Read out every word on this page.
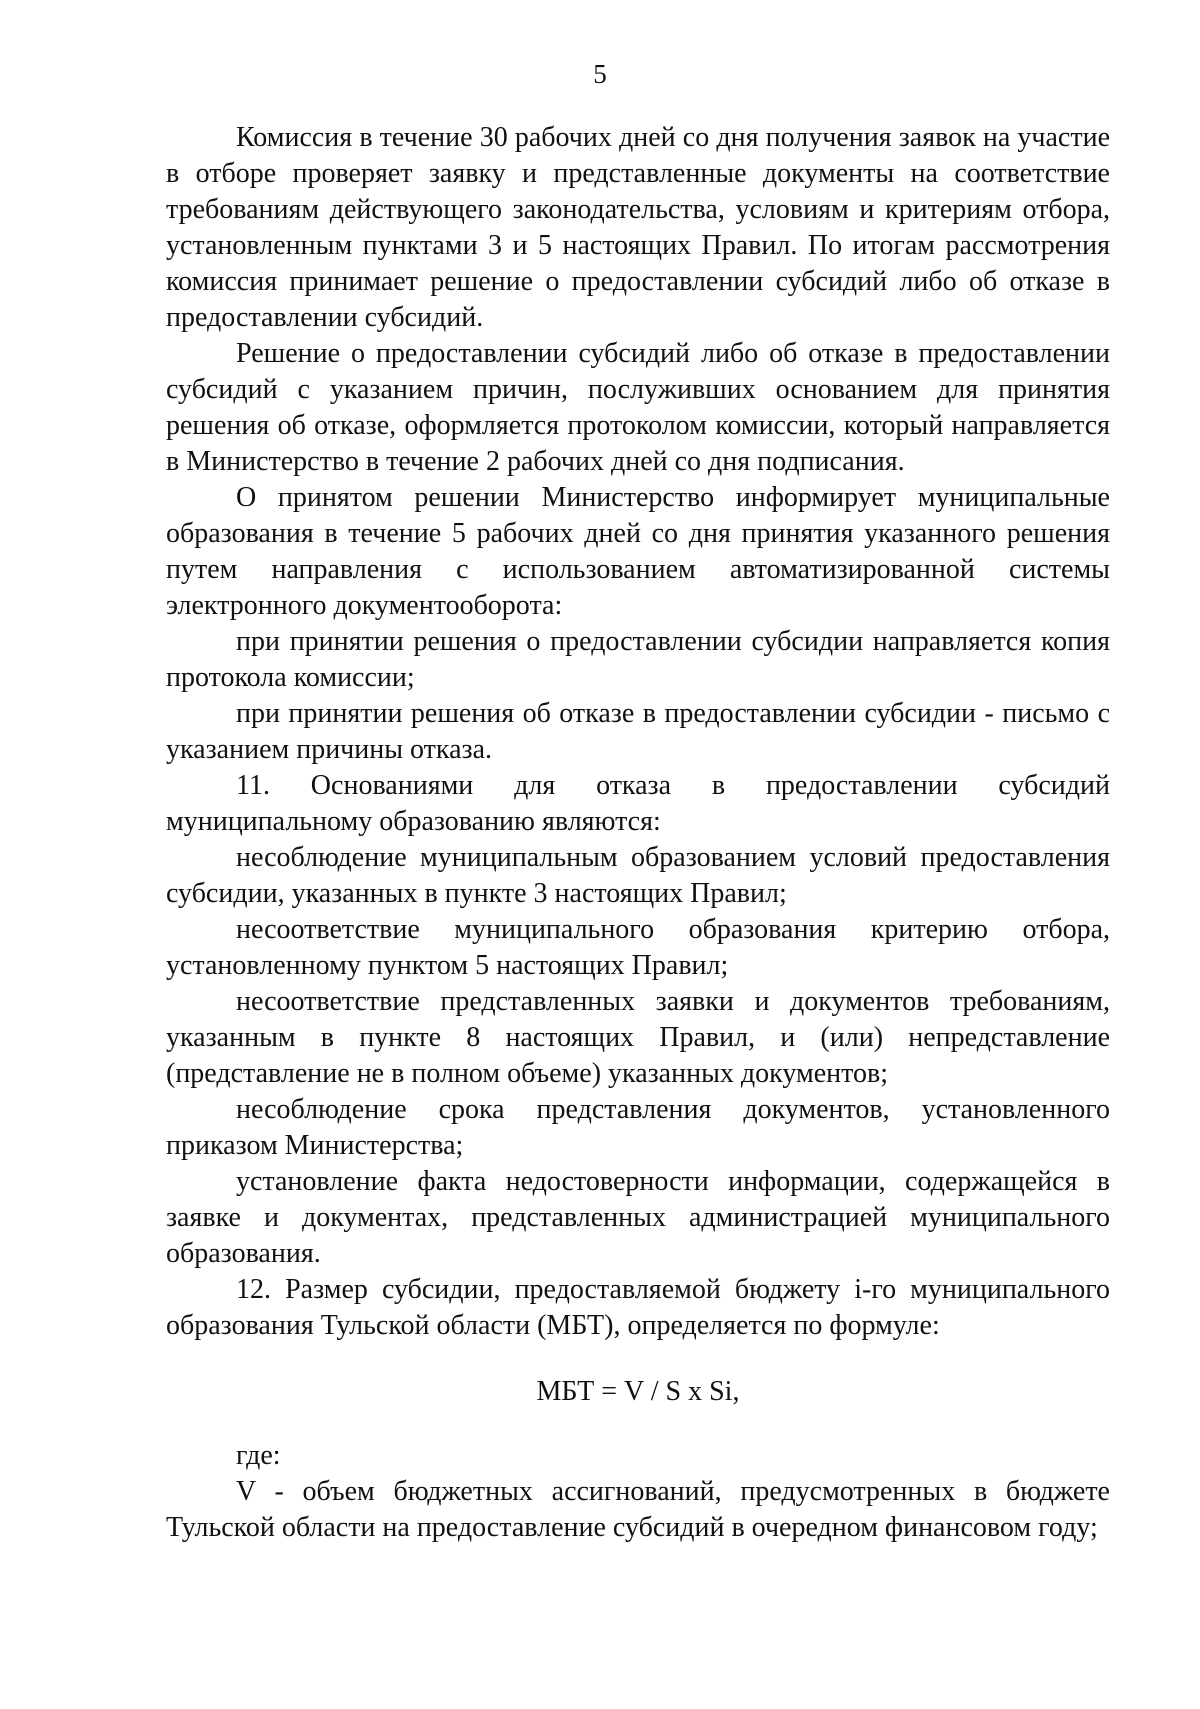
5

Комиссия в течение 30 рабочих дней со дня получения заявок на участие в отборе проверяет заявку и представленные документы на соответствие требованиям действующего законодательства, условиям и критериям отбора, установленным пунктами 3 и 5 настоящих Правил. По итогам рассмотрения комиссия принимает решение о предоставлении субсидий либо об отказе в предоставлении субсидий.

Решение о предоставлении субсидий либо об отказе в предоставлении субсидий с указанием причин, послуживших основанием для принятия решения об отказе, оформляется протоколом комиссии, который направляется в Министерство в течение 2 рабочих дней со дня подписания.

О принятом решении Министерство информирует муниципальные образования в течение 5 рабочих дней со дня принятия указанного решения путем направления с использованием автоматизированной системы электронного документооборота:

при принятии решения о предоставлении субсидии направляется копия протокола комиссии;

при принятии решения об отказе в предоставлении субсидии - письмо с указанием причины отказа.

11. Основаниями для отказа в предоставлении субсидий муниципальному образованию являются:

несоблюдение муниципальным образованием условий предоставления субсидии, указанных в пункте 3 настоящих Правил;

несоответствие муниципального образования критерию отбора, установленному пунктом 5 настоящих Правил;

несоответствие представленных заявки и документов требованиям, указанным в пункте 8 настоящих Правил, и (или) непредставление (представление не в полном объеме) указанных документов;

несоблюдение срока представления документов, установленного приказом Министерства;

установление факта недостоверности информации, содержащейся в заявке и документах, представленных администрацией муниципального образования.

12. Размер субсидии, предоставляемой бюджету i-го муниципального образования Тульской области (МБТ), определяется по формуле:

МБТ = V / S x Si,

где:

V - объем бюджетных ассигнований, предусмотренных в бюджете Тульской области на предоставление субсидий в очередном финансовом году;
